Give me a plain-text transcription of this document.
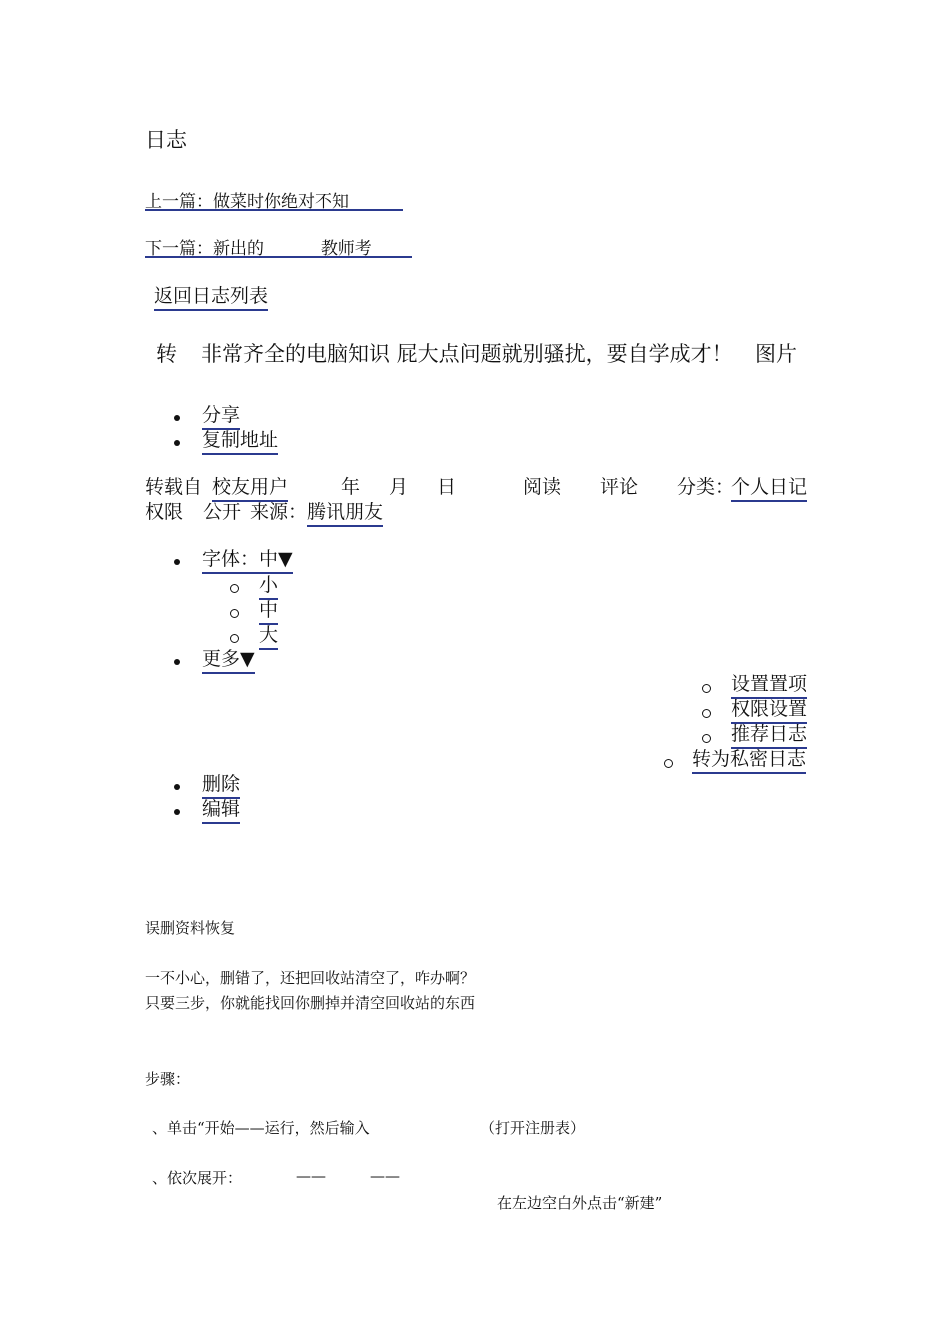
日志
上一篇：做菜时你绝对不知
下一篇：新出的	教师考
返回日志列表
转 非常齐全的电脑知识 屁大点问题就别骚扰，要自学成才！ 图片
分享
复制地址
转载自 校友用户	年 月 日	阅读 评论 分类：
个人日记
权限 公开 来源： 腾讯朋友
字体：中▼
小
中
大
更多▼
设置置项
权限设置
推荐日志
转为私密日志
删除
编辑
误删资料恢复
一不小心，删错了，还把回收站清空了，咋办啊？
只要三步，你就能找回你删掉并清空回收站的东西
步骤：
、单击“开始——运行，然后输入	（打开注册表）
、依次展开：	——	——
在左边空白外点击“新建”
